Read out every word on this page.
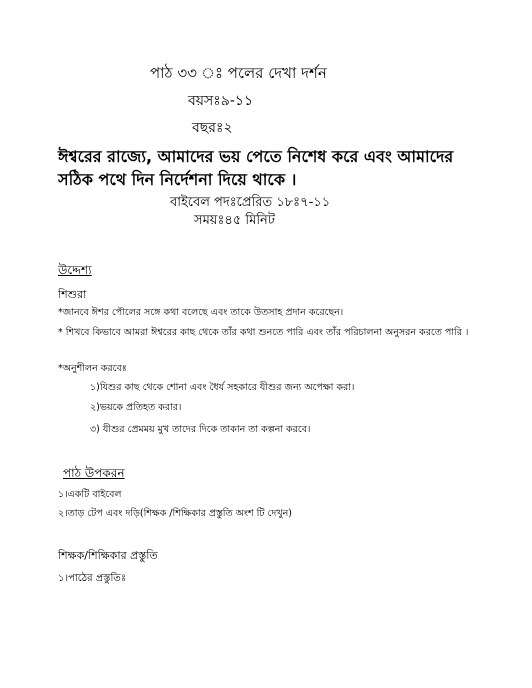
পাঠ ৩৩ ঃ পলের দেখা দর্শন
বয়সঃ৯-১১
বছরঃ২
ঈশ্বরের রাজ্যে, আমাদের ভয় পেতে নিশেধ করে এবং আমাদের সঠিক পথে দিন নির্দেশনা দিয়ে থাকে ।
বাইবেল পদঃপ্রেরিত ১৮ঃ৭-১১
সময়ঃ৪৫ মিনিট
উদ্দেশ্য
শিশুরা
*জানবে ঈশর পৌলের সঙ্গে কথা বলেছে এবং তাকে উতসাহ প্রদান করেছেন।
* শিখবে কিভাবে আমরা ঈশ্বরের কাছ থেকে তাঁর কথা শুনতে পারি এবং তাঁর পরিচালনা অনুসরন করতে পারি ।
*অনুশীলন করবেঃ
১)যিশুর কাছ থেকে শোনা এবং ধৈর্য সহকারে যীশুর জন্য অপেক্ষা করা।
২)ভয়কে প্রতিহত করার।
৩) যীশুর প্রেমময় মুখ তাদের দিকে তাকান তা কল্পনা করবে।
পাঠ উপকরন
১।একটি বাইবেল
২।তাড় টেপ এবং দড়ি(শিক্ষক /শিক্ষিকার প্রস্তুতি অংশ টি দেখুন)
শিক্ষক/শিক্ষিকার প্রস্তুতি
১।পাঠের প্রস্তুতিঃ
